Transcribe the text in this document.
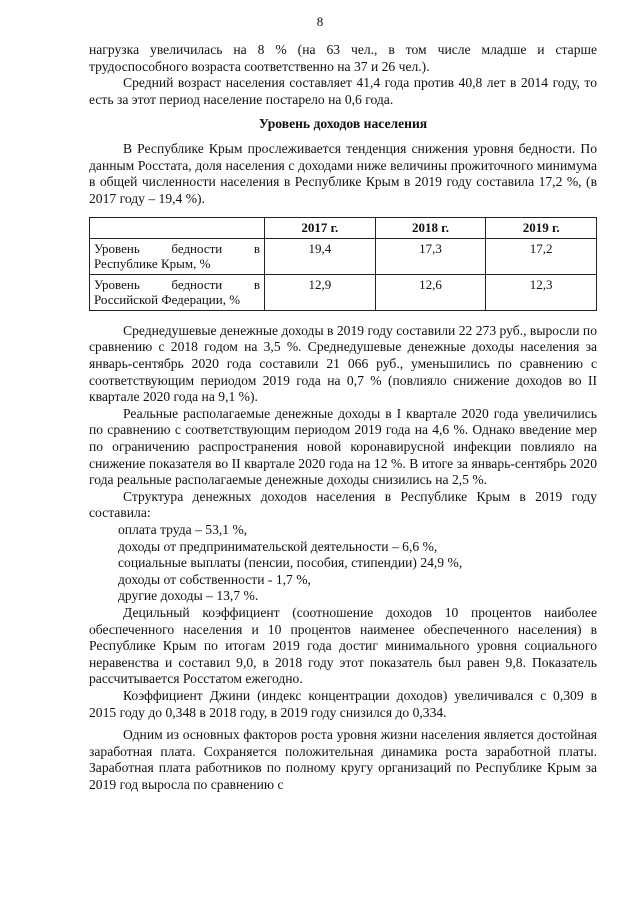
8

нагрузка увеличилась на 8 % (на 63 чел., в том числе младше и старше трудоспособного возраста соответственно на 37 и 26 чел.).

Средний возраст населения составляет 41,4 года против 40,8 лет в 2014 году, то есть за этот период население постарело на 0,6 года.

Уровень доходов населения

В Республике Крым прослеживается тенденция снижения уровня бедности. По данным Росстата, доля населения с доходами ниже величины прожиточного минимума в общей численности населения в Республике Крым в 2019 году составила 17,2 %, (в 2017 году – 19,4 %).

	2017 г.	2018 г.	2019 г.
Уровень бедности в Республике Крым, %	19,4	17,3	17,2
Уровень бедности в Российской Федерации, %	12,9	12,6	12,3

Среднедушевые денежные доходы в 2019 году составили 22 273 руб., выросли по сравнению с 2018 годом на 3,5 %. Среднедушевые денежные доходы населения за январь-сентябрь 2020 года составили 21 066 руб., уменьшились по сравнению с соответствующим периодом 2019 года на 0,7 % (повлияло снижение доходов во II квартале 2020 года на 9,1 %).

Реальные располагаемые денежные доходы в I квартале 2020 года увеличились по сравнению с соответствующим периодом 2019 года на 4,6 %. Однако введение мер по ограничению распространения новой коронавирусной инфекции повлияло на снижение показателя во II квартале 2020 года на 12 %. В итоге за январь-сентябрь 2020 года реальные располагаемые денежные доходы снизились на 2,5 %.

Структура денежных доходов населения в Республике Крым в 2019 году составила:

оплата труда – 53,1 %,
доходы от предпринимательской деятельности – 6,6 %,
социальные выплаты (пенсии, пособия, стипендии) 24,9 %,
доходы от собственности - 1,7 %,
другие доходы – 13,7 %.

Децильный коэффициент (соотношение доходов 10 процентов наиболее обеспеченного населения и 10 процентов наименее обеспеченного населения) в Республике Крым по итогам 2019 года достиг минимального уровня социального неравенства и составил 9,0, в 2018 году этот показатель был равен 9,8. Показатель рассчитывается Росстатом ежегодно.

Коэффициент Джини (индекс концентрации доходов) увеличивался с 0,309 в 2015 году до 0,348 в 2018 году, в 2019 году снизился до 0,334.

Одним из основных факторов роста уровня жизни населения является достойная заработная плата. Сохраняется положительная динамика роста заработной платы. Заработная плата работников по полному кругу организаций по Республике Крым за 2019 год выросла по сравнению с
